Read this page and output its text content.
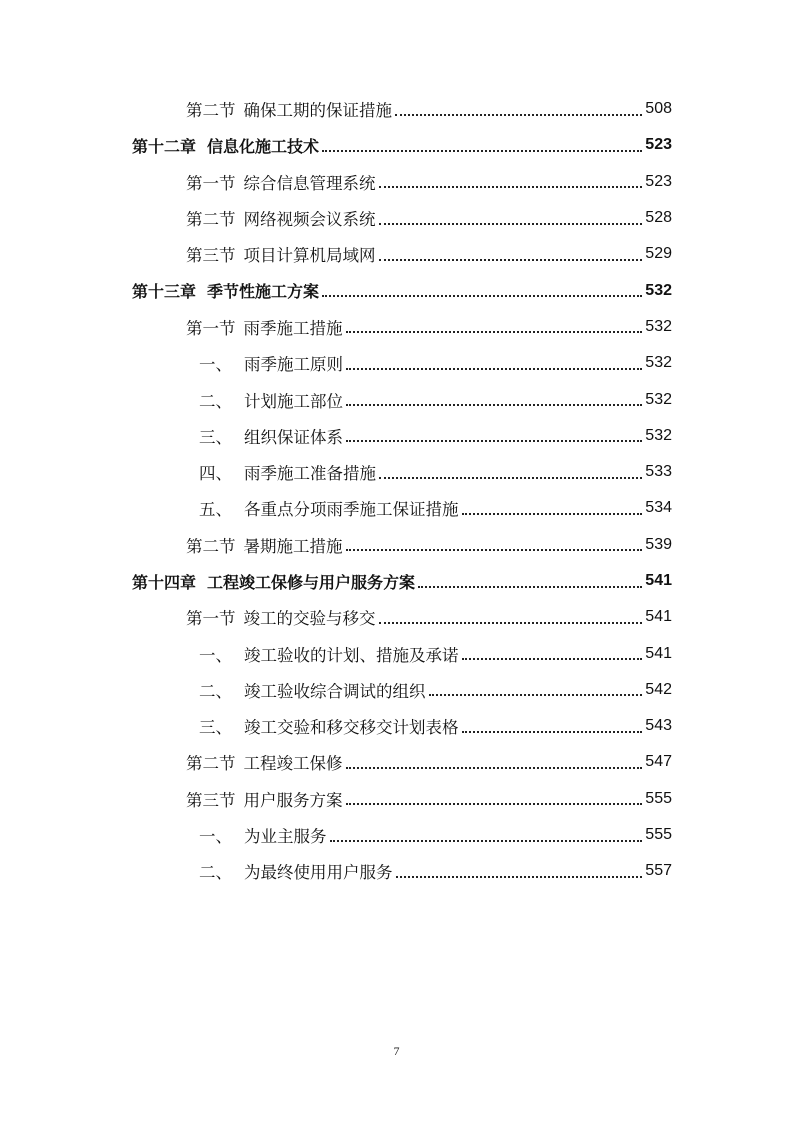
第二节 确保工期的保证措施	508
第十二章 信息化施工技术	523
第一节 综合信息管理系统	523
第二节 网络视频会议系统	528
第三节 项目计算机局域网	529
第十三章 季节性施工方案	532
第一节 雨季施工措施	532
一、 雨季施工原则	532
二、 计划施工部位	532
三、 组织保证体系	532
四、 雨季施工准备措施	533
五、 各重点分项雨季施工保证措施	534
第二节 暑期施工措施	539
第十四章 工程竣工保修与用户服务方案	541
第一节 竣工的交验与移交	541
一、 竣工验收的计划、措施及承诺	541
二、 竣工验收综合调试的组织	542
三、 竣工交验和移交移交计划表格	543
第二节 工程竣工保修	547
第三节 用户服务方案	555
一、 为业主服务	555
二、 为最终使用用户服务	557
7
